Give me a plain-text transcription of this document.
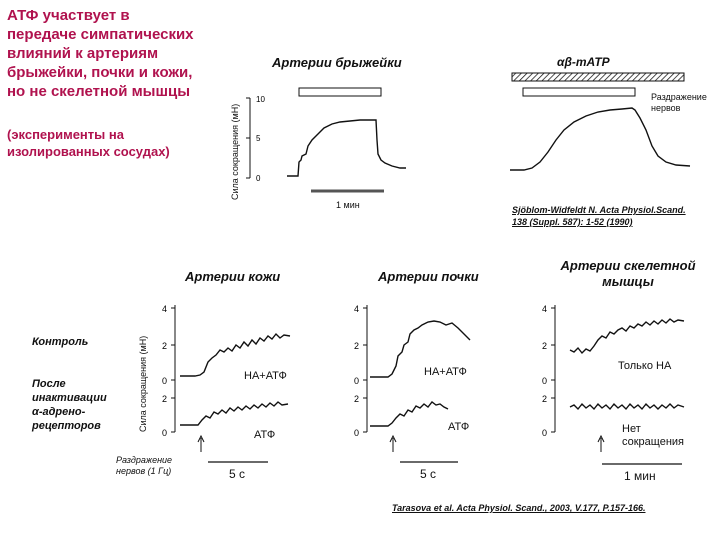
АТФ участвует в
передаче симпатических
влияний к артериям
брыжейки, почки и кожи,
но не скелетной мышцы
(эксперименты на
изолированных сосудах)
Артерии брыжейки	αβ-mATP
Сила сокращения (мН)
Раздражение
нервов
1 мин	Sjöblom-Widfeldt N. Acta Physiol.Scand.
138 (Suppl. 587): 1-52 (1990)
10
5
0
4
2
0
2
0
4
2
0
2
0
4
2
0
2
0
Артерии кожи	Артерии почки
Артерии скелетной
мышцы
Сила сокращения (мН)
Контроль
После
инактивации
α-адрено-
рецепторов
НА+АТФ	НА+АТФ	Только НА
АТФ
АТФ	Нет
сокращения
Раздражение
нервов (1 Гц)	5 с	5 с	1 мин
Tarasova et al. Acta Physiol. Scand., 2003, V.177, P.157-166.
